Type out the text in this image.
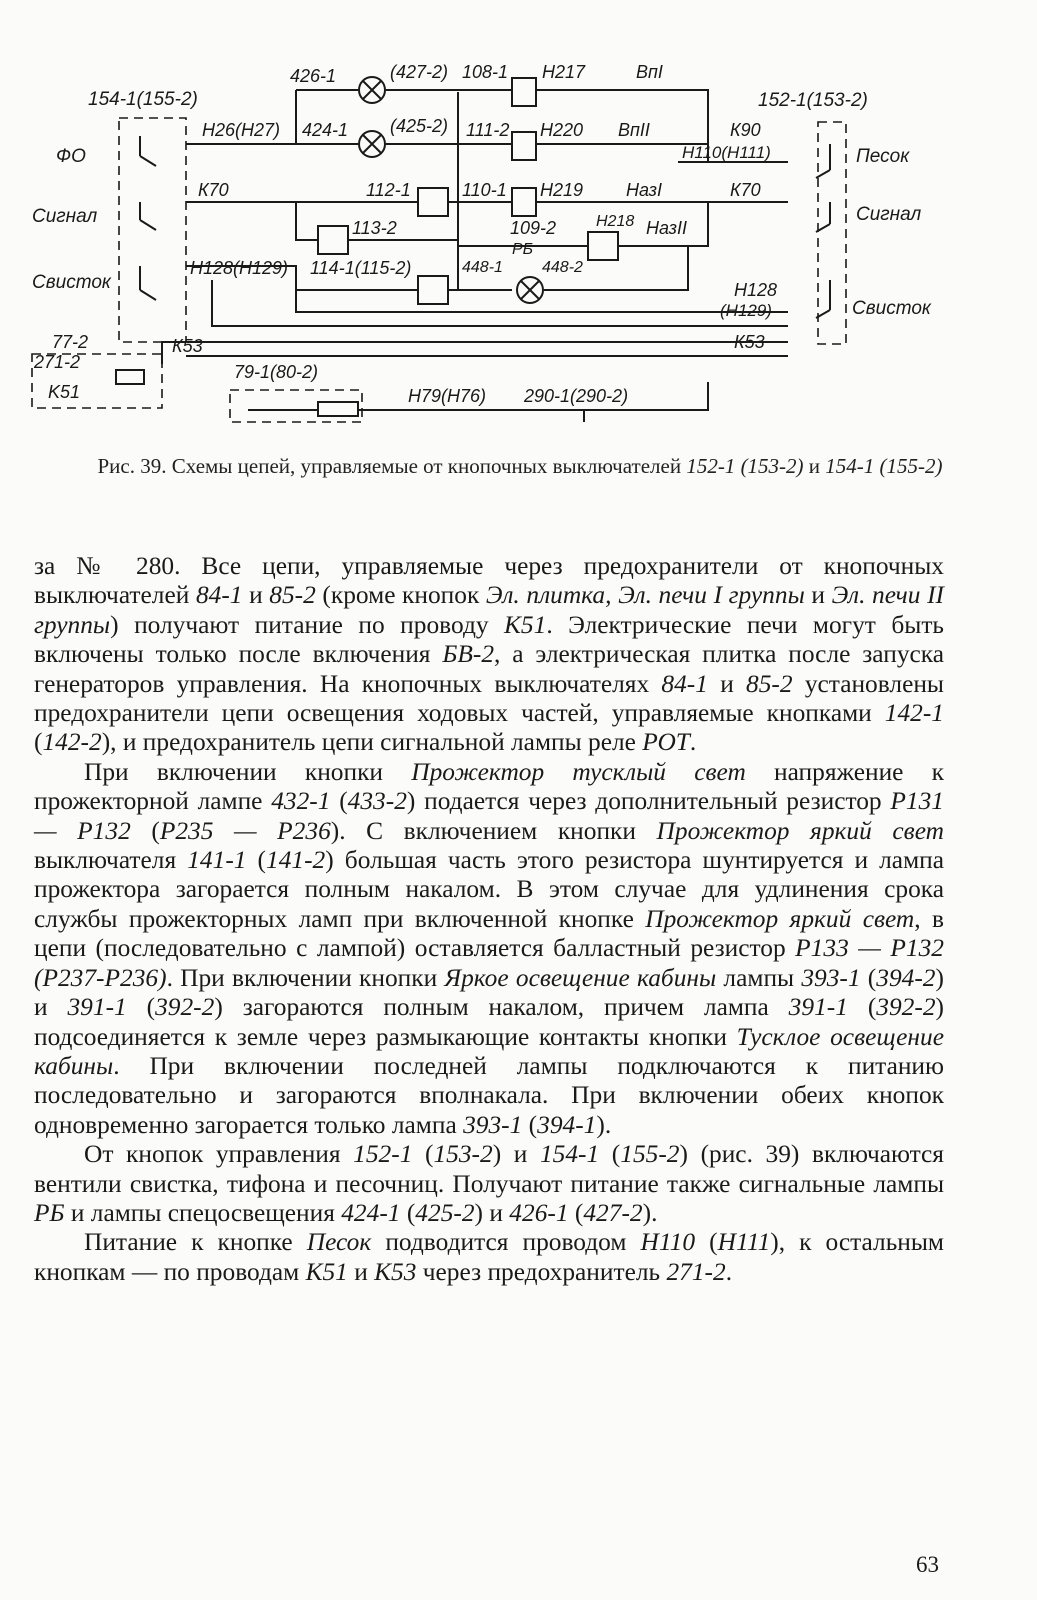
154-1(155-2)
ФО
Сигнал
Свисток
77-2
271-2
K51
Н26(Н27)
К70
Н128(Н129)
К53
79-1(80-2)
Н79(Н76) 290-1(290-2)
426-1	(427-2) 108-1 Н217	ВпI
424-1 (425-2) 111-2 Н220 ВпII
112-1	110-1 Н219 НазI
113-2	109-2 Н218 НазII
РБ
114-1(115-2)	448-1 448-2
152-1(153-2)
К90
Н110(Н111)	Песок
К70
Сигнал
Н128
(Н129)	Свисток
К53
Рис. 39. Схемы цепей, управляемые от кнопочных выключателей 152-1 (153-2) и 154-1 (155-2)

за № 280. Все цепи, управляемые через предохранители от кнопочных выключателей 84-1 и 85-2 (кроме кнопок Эл. плитка, Эл. печи I группы и Эл. печи II группы) получают питание по проводу К51. Электрические печи могут быть включены только после включения БВ-2, а электрическая плитка после запуска генераторов управления. На кнопочных выключателях 84-1 и 85-2 установлены предохранители цепи освещения ходовых частей, управляемые кнопками 142-1 (142-2), и предохранитель цепи сигнальной лампы реле РОТ.

При включении кнопки Прожектор тусклый свет напряжение к прожекторной лампе 432-1 (433-2) подается через дополнительный резистор Р131 — Р132 (Р235 — Р236). С включением кнопки Прожектор яркий свет выключателя 141-1 (141-2) большая часть этого резистора шунтируется и лампа прожектора загорается полным накалом. В этом случае для удлинения срока службы прожекторных ламп при включенной кнопке Прожектор яркий свет, в цепи (последовательно с лампой) оставляется балластный резистор Р133 — Р132 (Р237-Р236). При включении кнопки Яркое освещение кабины лампы 393-1 (394-2) и 391-1 (392-2) загораются полным накалом, причем лампа 391-1 (392-2) подсоединяется к земле через размыкающие контакты кнопки Тусклое освещение кабины. При включении последней лампы подключаются к питанию последовательно и загораются вполнакала. При включении обеих кнопок одновременно загорается только лампа 393-1 (394-1).

От кнопок управления 152-1 (153-2) и 154-1 (155-2) (рис. 39) включаются вентили свистка, тифона и песочниц. Получают питание также сигнальные лампы РБ и лампы спецосвещения 424-1 (425-2) и 426-1 (427-2).

Питание к кнопке Песок подводится проводом Н110 (Н111), к остальным кнопкам — по проводам К51 и К53 через предохранитель 271-2.

63
